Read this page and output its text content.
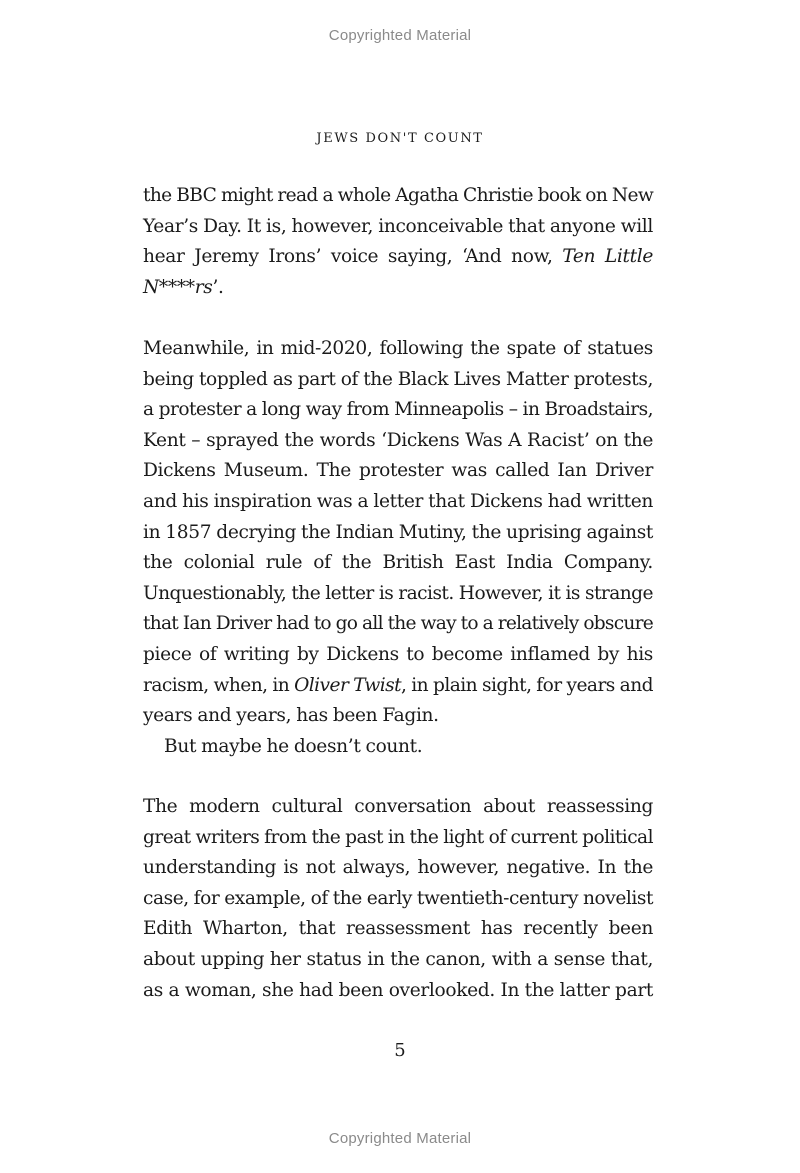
Copyrighted Material
JEWS DON'T COUNT
the BBC might read a whole Agatha Christie book on New
Year’s Day. It is, however, inconceivable that anyone will
hear Jeremy Irons’ voice saying, ‘And now, Ten Little
N****rs’.
Meanwhile, in mid-2020, following the spate of statues
being toppled as part of the Black Lives Matter protests,
a protester a long way from Minneapolis – in Broadstairs,
Kent – sprayed the words ‘Dickens Was A Racist’ on the
Dickens Museum. The protester was called Ian Driver
and his inspiration was a letter that Dickens had written
in 1857 decrying the Indian Mutiny, the uprising against
the colonial rule of the British East India Company.
Unquestionably, the letter is racist. However, it is strange
that Ian Driver had to go all the way to a relatively obscure
piece of writing by Dickens to become inflamed by his
racism, when, in Oliver Twist, in plain sight, for years and
years and years, has been Fagin.
But maybe he doesn’t count.
The modern cultural conversation about reassessing
great writers from the past in the light of current political
understanding is not always, however, negative. In the
case, for example, of the early twentieth-century novelist
Edith Wharton, that reassessment has recently been
about upping her status in the canon, with a sense that,
as a woman, she had been overlooked. In the latter part
5
Copyrighted Material
